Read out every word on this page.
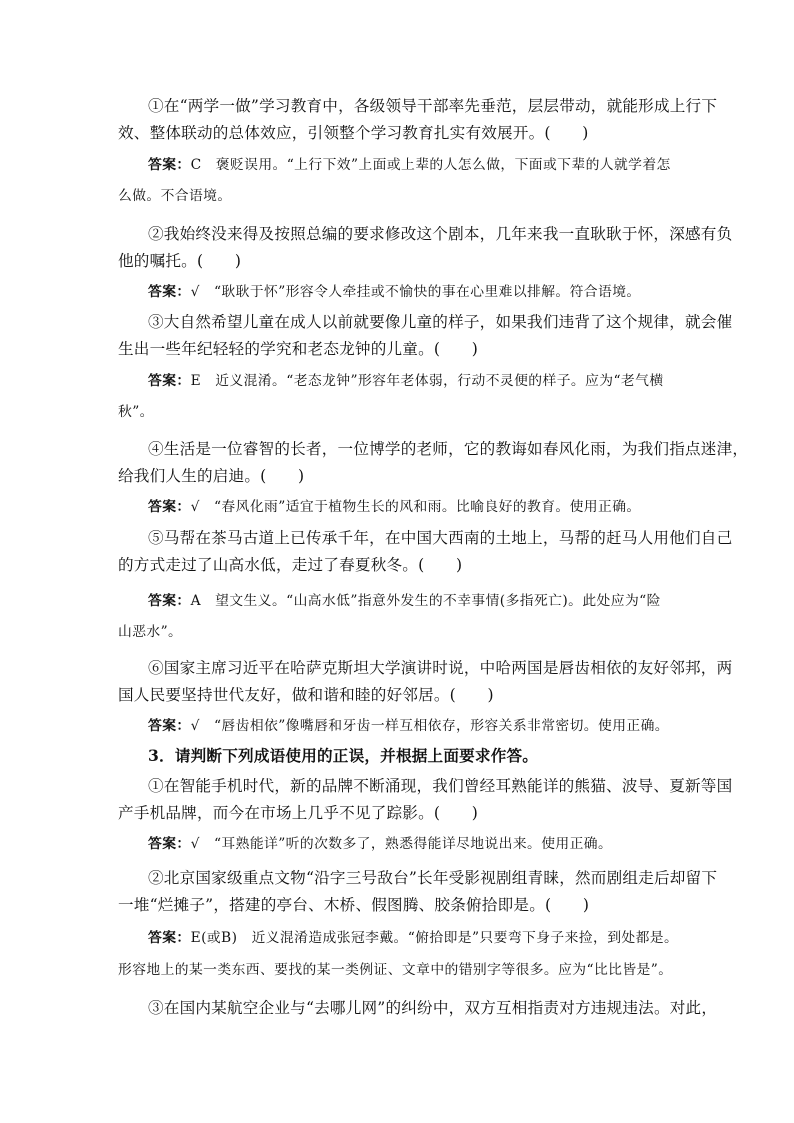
①在“两学一做”学习教育中，各级领导干部率先垂范，层层带动，就能形成上行下
效、整体联动的总体效应，引领整个学习教育扎实有效展开。(　　)
答案：C　褒贬误用。“上行下效”上面或上辈的人怎么做，下面或下辈的人就学着怎
么做。不合语境。
②我始终没来得及按照总编的要求修改这个剧本，几年来我一直耿耿于怀，深感有负
他的嘱托。(　　)
答案：√　“耿耿于怀”形容令人牵挂或不愉快的事在心里难以排解。符合语境。
③大自然希望儿童在成人以前就要像儿童的样子，如果我们违背了这个规律，就会催
生出一些年纪轻轻的学究和老态龙钟的儿童。(　　)
答案：E　近义混淆。“老态龙钟”形容年老体弱，行动不灵便的样子。应为“老气横
秋”。
④生活是一位睿智的长者，一位博学的老师，它的教诲如春风化雨，为我们指点迷津，
给我们人生的启迪。(　　)
答案：√　“春风化雨”适宜于植物生长的风和雨。比喻良好的教育。使用正确。
⑤马帮在茶马古道上已传承千年，在中国大西南的土地上，马帮的赶马人用他们自己
的方式走过了山高水低，走过了春夏秋冬。(　　)
答案：A　望文生义。“山高水低”指意外发生的不幸事情(多指死亡)。此处应为“险
山恶水”。
⑥国家主席习近平在哈萨克斯坦大学演讲时说，中哈两国是唇齿相依的友好邻邦，两
国人民要坚持世代友好，做和谐和睦的好邻居。(　　)
答案：√　“唇齿相依”像嘴唇和牙齿一样互相依存，形容关系非常密切。使用正确。
3．请判断下列成语使用的正误，并根据上面要求作答。
①在智能手机时代，新的品牌不断涌现，我们曾经耳熟能详的熊猫、波导、夏新等国
产手机品牌，而今在市场上几乎不见了踪影。(　　)
答案：√　“耳熟能详”听的次数多了，熟悉得能详尽地说出来。使用正确。
②北京国家级重点文物“沿字三号敌台”长年受影视剧组青睐，然而剧组走后却留下
一堆“烂摊子”，搭建的亭台、木桥、假图腾、胶条俯拾即是。(　　)
答案：E(或B)　近义混淆造成张冠李戴。“俯拾即是”只要弯下身子来捡，到处都是。
形容地上的某一类东西、要找的某一类例证、文章中的错别字等很多。应为“比比皆是”。
③在国内某航空企业与“去哪儿网”的纠纷中，双方互相指责对方违规违法。对此，
